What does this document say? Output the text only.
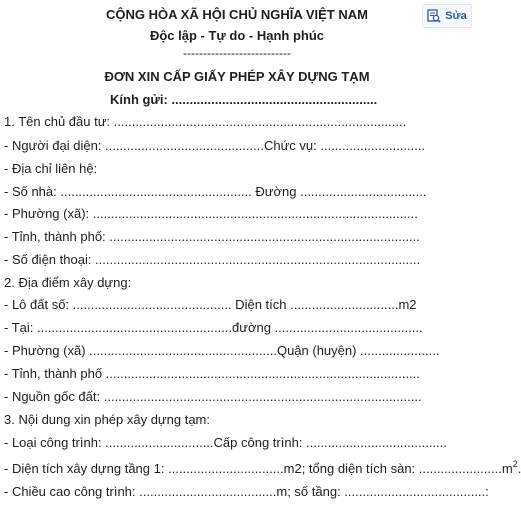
Sửa
CỘNG HÒA XÃ HỘI CHỦ NGHĨA VIỆT NAM
Độc lập - Tự do - Hạnh phúc
---------------------------
ĐƠN XIN CẤP GIẤY PHÉP XÂY DỰNG TẠM
Kính gửi: .........................................................
1. Tên chủ đầu tư: .................................................................................
- Người đại diện: ............................................Chức vụ: .............................
- Địa chỉ liên hệ:
- Số nhà: ..................................................... Đường ...................................
- Phường (xã): ..........................................................................................
- Tỉnh, thành phố: ......................................................................................
- Số điện thoại: ..........................................................................................
2. Địa điểm xây dựng:
- Lô đất số: ............................................ Diện tích ..............................m2
- Tại: ......................................................đường .........................................
- Phường (xã) ....................................................Quận (huyện) ......................
- Tỉnh, thành phố .......................................................................................
- Nguồn gốc đất: ........................................................................................
3. Nội dung xin phép xây dựng tạm:
- Loại công trình: ..............................Cấp công trình: .......................................
- Diện tích xây dựng tầng 1: ................................m2; tổng diện tích sàn: $.......................m^2$.
- Chiều cao công trình: ......................................m; số tầng: .......................................:
